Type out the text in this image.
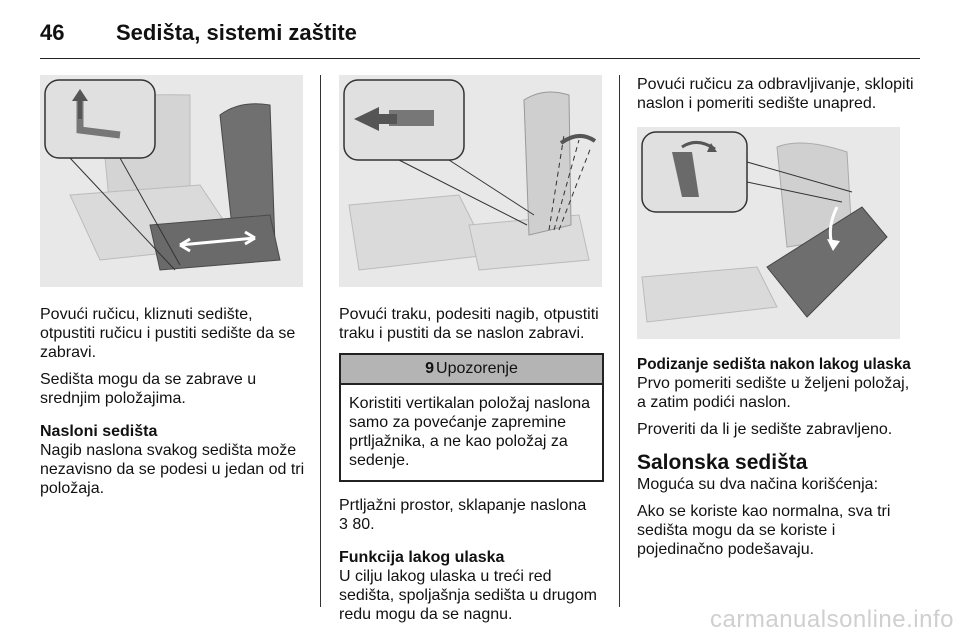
46 Sedišta, sistemi zaštite

Povući ručicu, kliznuti sedište, otpustiti ručicu i pustiti sedište da se zabravi.

Sedišta mogu da se zabrave u srednjim položajima.

Nasloni sedišta

Nagib naslona svakog sedišta može nezavisno da se podesi u jedan od tri položaja.

Povući traku, podesiti nagib, otpustiti traku i pustiti da se naslon zabravi.

9 Upozorenje
Koristiti vertikalan položaj naslona samo za povećanje zapremine prtljažnika, a ne kao položaj za sedenje.

Prtljažni prostor, sklapanje naslona
3 80.

Funkcija lakog ulaska

U cilju lakog ulaska u treći red sedišta, spoljašnja sedišta u drugom redu mogu da se nagnu.

Povući ručicu za odbravljivanje, sklopiti naslon i pomeriti sedište unapred.

Podizanje sedišta nakon lakog ulaska

Prvo pomeriti sedište u željeni položaj, a zatim podići naslon.

Proveriti da li je sedište zabravljeno.

Salonska sedišta

Moguća su dva načina korišćenja:

Ako se koriste kao normalna, sva tri sedišta mogu da se koriste i pojedinačno podešavaju.

carmanualsonline.info
